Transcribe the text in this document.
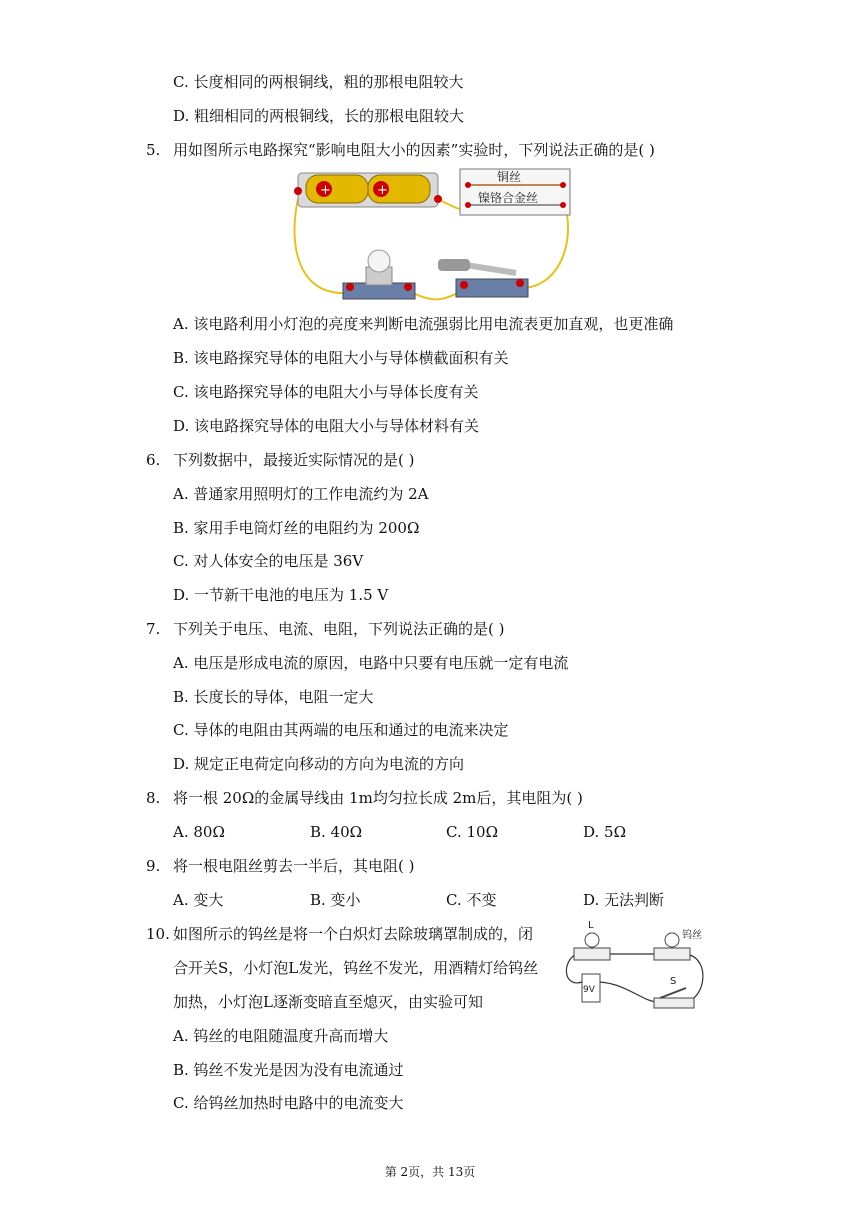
C. 长度相同的两根铜线，粗的那根电阻较大
D. 粗细相同的两根铜线，长的那根电阻较大
5. 用如图所示电路探究“影响电阻大小的因素”实验时，下列说法正确的是( )
+	+
铜丝
镍铬合金丝
A. 该电路利用小灯泡的亮度来判断电流强弱比用电流表更加直观，也更准确
B. 该电路探究导体的电阻大小与导体横截面积有关
C. 该电路探究导体的电阻大小与导体长度有关
D. 该电路探究导体的电阻大小与导体材料有关
6. 下列数据中，最接近实际情况的是( )
A. 普通家用照明灯的工作电流约为 2A
B. 家用手电筒灯丝的电阻约为 200Ω
C. 对人体安全的电压是 36V
D. 一节新干电池的电压为 1.5 V
7. 下列关于电压、电流、电阻，下列说法正确的是( )
A. 电压是形成电流的原因，电路中只要有电压就一定有电流
B. 长度长的导体，电阻一定大
C. 导体的电阻由其两端的电压和通过的电流来决定
D. 规定正电荷定向移动的方向为电流的方向
8. 将一根 20Ω的金属导线由 1m均匀拉长成 2m后，其电阻为( )
A. 80Ω	B. 40Ω	C. 10Ω	D. 5Ω
9. 将一根电阻丝剪去一半后，其电阻( )
A. 变大	B. 变小	C. 不变	D. 无法判断
10. 如图所示的钨丝是将一个白炽灯去除玻璃罩制成的，闭
合开关S，小灯泡L发光，钨丝不发光，用酒精灯给钨丝
加热，小灯泡L逐渐变暗直至熄灭，由实验可知
L
钨丝
9V
S
A. 钨丝的电阻随温度升高而增大
B. 钨丝不发光是因为没有电流通过
C. 给钨丝加热时电路中的电流变大
第 2页，共 13页
